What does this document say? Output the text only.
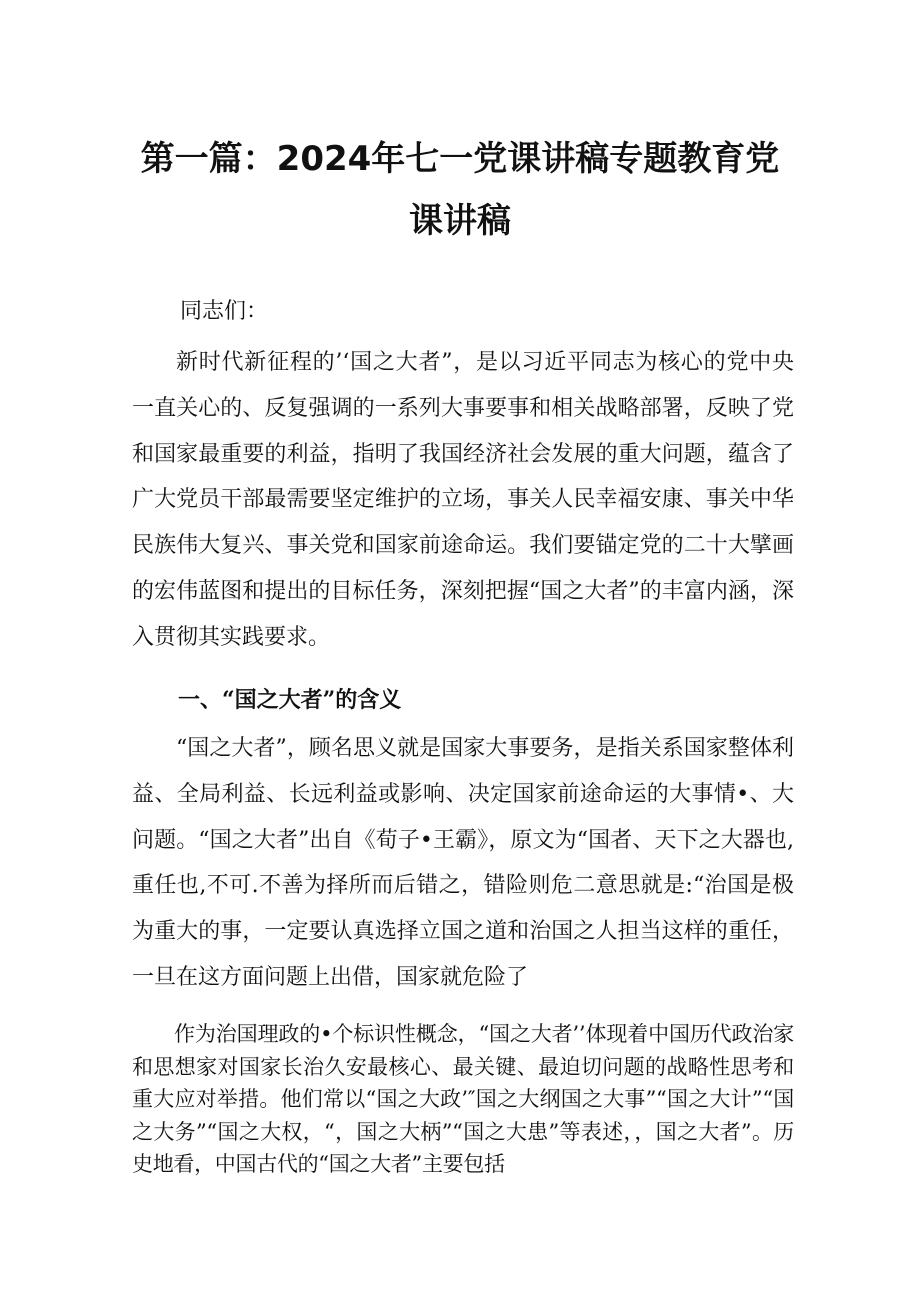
第一篇：2024年七一党课讲稿专题教育党
课讲稿

同志们：

新时代新征程的’‘国之大者”，是以习近平同志为核心的党中央一直关心的、反复强调的一系列大事要事和相关战略部署，反映了党和国家最重要的利益，指明了我国经济社会发展的重大问题，蕴含了广大党员干部最需要坚定维护的立场，事关人民幸福安康、事关中华民族伟大复兴、事关党和国家前途命运。我们要锚定党的二十大擘画的宏伟蓝图和提出的目标任务，深刻把握“国之大者”的丰富内涵，深入贯彻其实践要求。

一、“国之大者”的含义

“国之大者”，顾名思义就是国家大事要务，是指关系国家整体利益、全局利益、长远利益或影响、决定国家前途命运的大事情•、大问题。“国之大者”出自《荀子•王霸》，原文为“国者、天下之大器也,重任也,不可.不善为择所而后错之，错险则危二意思就是:“治国是极为重大的事，一定要认真选择立国之道和治国之人担当这样的重任，一旦在这方面问题上出借，国家就危险了

作为治国理政的•个标识性概念，“国之大者’’体现着中国历代政治家和思想家对国家长治久安最核心、最关键、最迫切问题的战略性思考和重大应对举措。他们常以“国之大政’″国之大纲国之大事”“国之大计”“国之大务”“国之大权，“，国之大柄”“国之大患”等表述，，国之大者”。历史地看，中国古代的“国之大者”主要包括
